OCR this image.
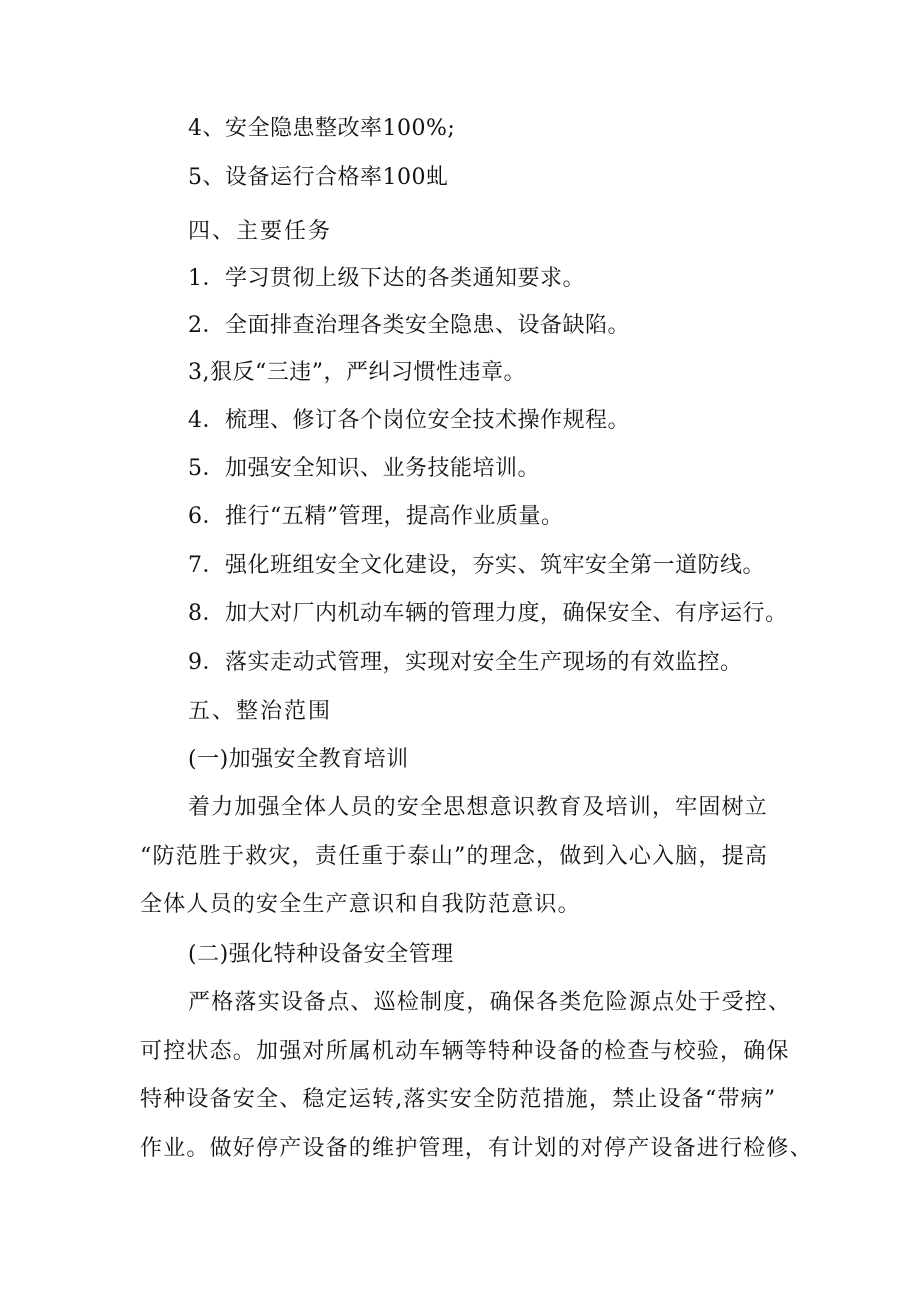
4、安全隐患整改率100%;
5、设备运行合格率100虬
四、主要任务
1．学习贯彻上级下达的各类通知要求。
2．全面排查治理各类安全隐患、设备缺陷。
3,狠反“三违”，严纠习惯性违章。
4．梳理、修订各个岗位安全技术操作规程。
5．加强安全知识、业务技能培训。
6．推行“五精”管理，提高作业质量。
7．强化班组安全文化建设，夯实、筑牢安全第一道防线。
8．加大对厂内机动车辆的管理力度，确保安全、有序运行。
9．落实走动式管理，实现对安全生产现场的有效监控。
五、整治范围
(一)加强安全教育培训
着力加强全体人员的安全思想意识教育及培训，牢固树立
“防范胜于救灾，责任重于泰山”的理念，做到入心入脑，提高
全体人员的安全生产意识和自我防范意识。
(二)强化特种设备安全管理
严格落实设备点、巡检制度，确保各类危险源点处于受控、
可控状态。加强对所属机动车辆等特种设备的检查与校验，确保
特种设备安全、稳定运转,落实安全防范措施，禁止设备“带病”
作业。做好停产设备的维护管理，有计划的对停产设备进行检修、
